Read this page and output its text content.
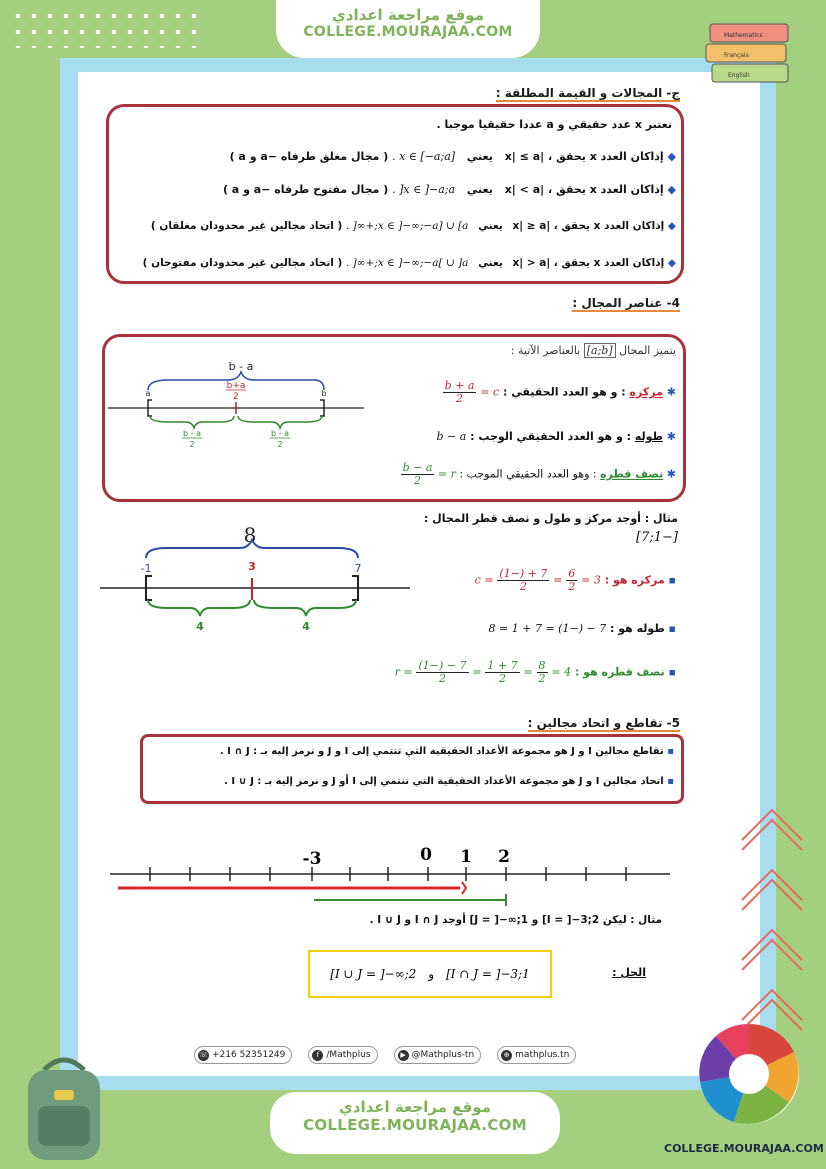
موقع مراجعة اعدادي
COLLEGE.MOURAJAA.COM	Mathematics
Français
English
ج- المجالات و القيمة المطلقة :
نعتبر x عدد حقيقي و a عددا حقيقيا موجبا .
◆ إذاكان العدد x يحقق ، |x| ≤ a يعني x ∈ [−a;a] . ( مجال مغلق طرفاه −a و a )
◆ إذاكان العدد x يحقق ، |x| < a يعني x ∈ ]−a;a[ . ( مجال مفتوح طرفاه −a و a )
◆ إذاكان العدد x يحقق ، |x| ≥ a يعني x ∈ ]−∞;−a] ∪ [a;+∞[ . ( اتحاد مجالين غير محدودان مغلقان )
◆ إذاكان العدد x يحقق ، |x| > a يعني x ∈ ]−∞;−a[ ∪ ]a;+∞[ . ( اتحاد مجالين غير محدودان مفتوحان )
4- عناصر المجال :
يتميز المجال [a;b] بالعناصر الآتية :
b - a
b+a
2
a	b
b - a
2
b - a
2
✱ مركزه : و هو العدد الحقيقي : c =
$\frac{b + a}{2}$
✱ طوله : و هو العدد الحقيقي الوجب : b − a
✱ نصف قطره : وهو العدد الحقيقي الموجب : r =
$\frac{b - a}{2}$
مثال : أوجد مركز و طول و نصف قطر المجال :
[−1;7]
8
-1	3	7
4	4
▪ مركزه هو : $c = \frac{7 + (-1)}{2} = \frac{6}{2} = 3$
▪ طوله هو : 7 − (−1) = 7 + 1 = 8
▪ نصف قطره هو : $r = \frac{7 - (-1)}{2} = \frac{7 + 1}{2} = \frac{8}{2} = 4$
5- تقاطع و اتحاد مجالين :
▪ تقاطع مجالين I و J هو مجموعة الأعداد الحقيقية التي تنتمي إلى I و J و نرمز إليه بـ : I ∩ J .
▪ اتحاد مجالين I و J هو مجموعة الأعداد الحقيقية التي تنتمي إلى I أو J و نرمز إليه بـ : I ∪ J .
-3	0 1 2
مثال : ليكن I = ]−3;2] و J = ]−∞;1] أوجد I ∩ J و I ∪ J .
الحل :
I ∩ J = ]−3;1]
و
I ∪ J = ]−∞;2]
☏ +216 52351249	f /Mathplus	▶ @Mathplus-tn	⊕ mathplus.tn
موقع مراجعة اعدادي
COLLEGE.MOURAJAA.COM
COLLEGE.MOURAJAA.COM
